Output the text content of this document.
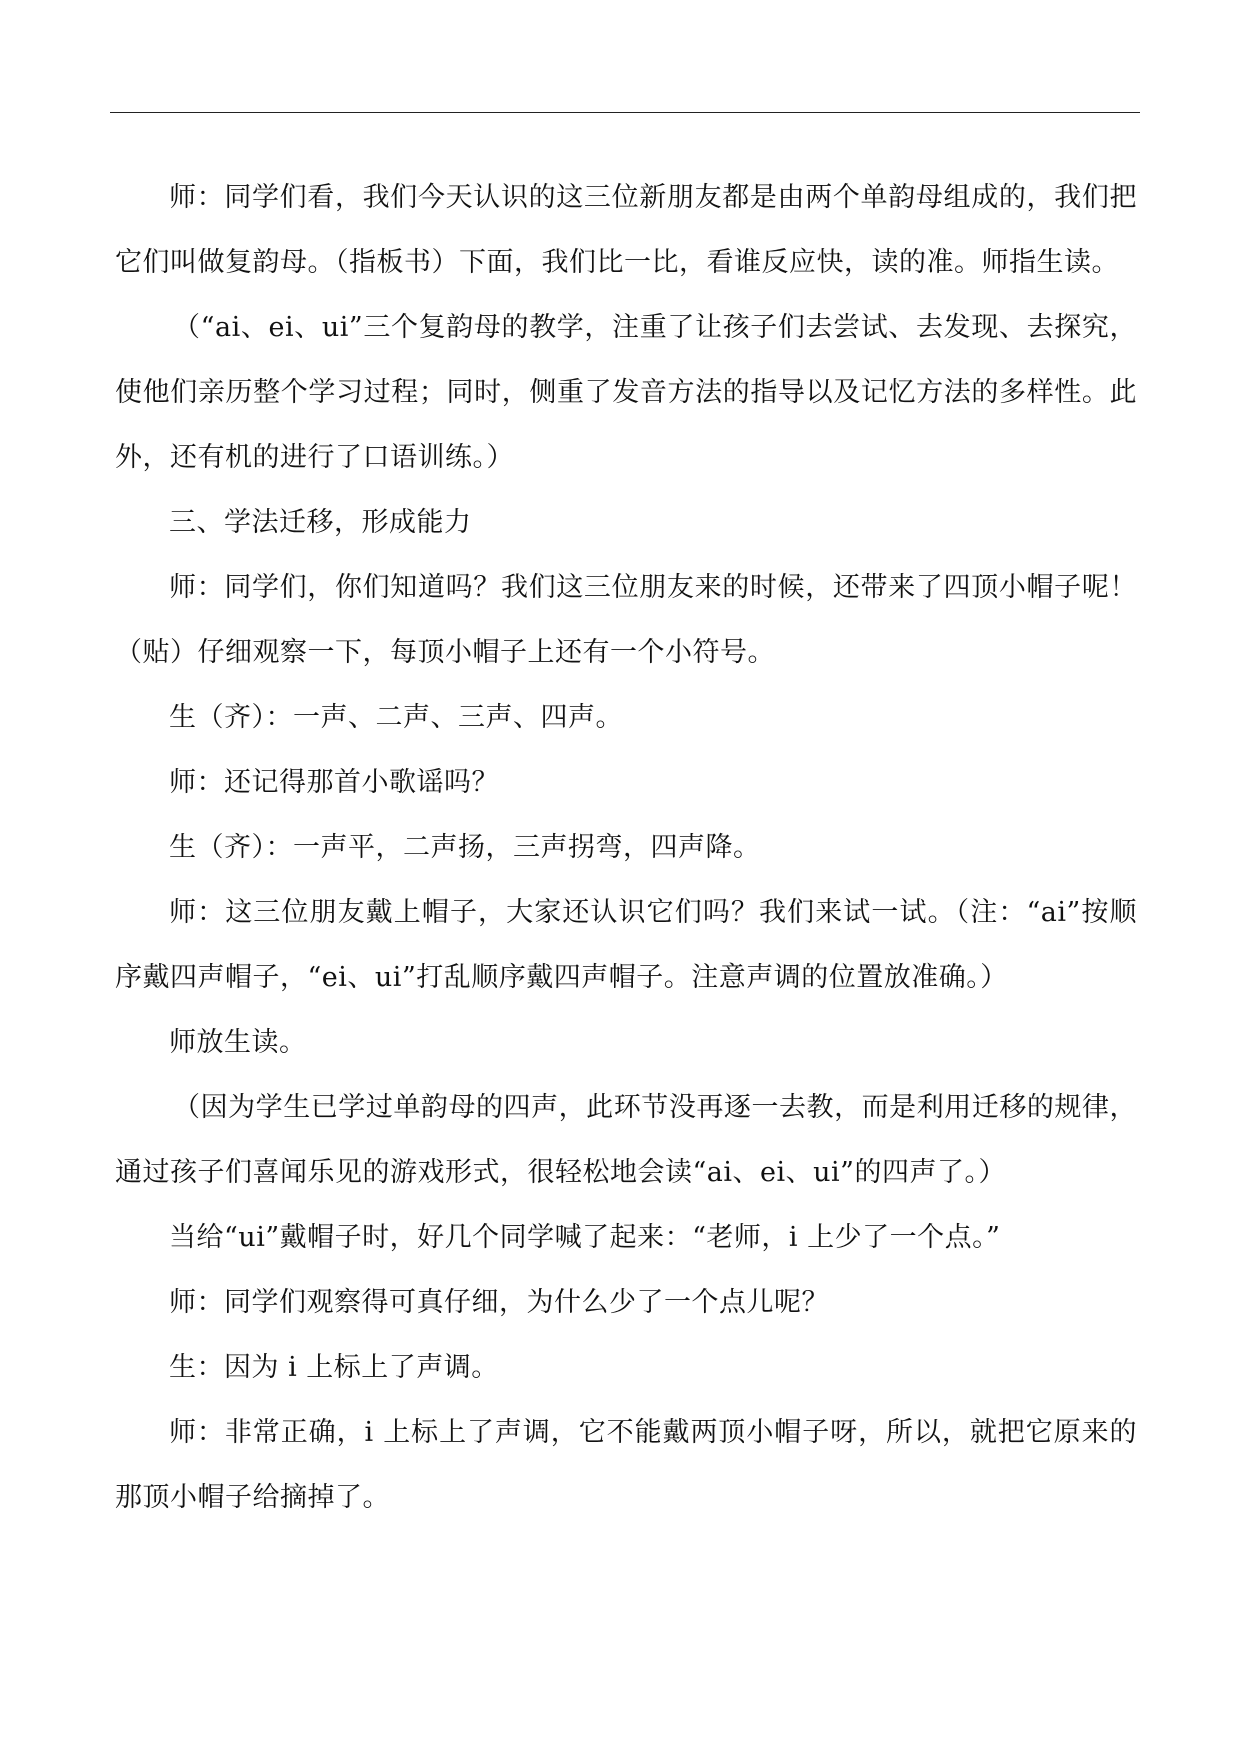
师：同学们看，我们今天认识的这三位新朋友都是由两个单韵母组成的，我们把它们叫做复韵母。（指板书）下面，我们比一比，看谁反应快，读的准。师指生读。

（“ai、ei、ui”三个复韵母的教学，注重了让孩子们去尝试、去发现、去探究，使他们亲历整个学习过程；同时，侧重了发音方法的指导以及记忆方法的多样性。此外，还有机的进行了口语训练。）

三、学法迁移，形成能力

师：同学们，你们知道吗？我们这三位朋友来的时候，还带来了四顶小帽子呢！（贴）仔细观察一下，每顶小帽子上还有一个小符号。

生（齐）：一声、二声、三声、四声。

师：还记得那首小歌谣吗？

生（齐）：一声平，二声扬，三声拐弯，四声降。

师：这三位朋友戴上帽子，大家还认识它们吗？我们来试一试。（注：“ai”按顺序戴四声帽子，“ei、ui”打乱顺序戴四声帽子。注意声调的位置放准确。）

师放生读。

（因为学生已学过单韵母的四声，此环节没再逐一去教，而是利用迁移的规律，通过孩子们喜闻乐见的游戏形式，很轻松地会读“ai、ei、ui”的四声了。）

当给“ui”戴帽子时，好几个同学喊了起来：“老师，i 上少了一个点。”

师：同学们观察得可真仔细，为什么少了一个点儿呢？

生：因为 i 上标上了声调。

师：非常正确，i 上标上了声调，它不能戴两顶小帽子呀，所以，就把它原来的那顶小帽子给摘掉了。
